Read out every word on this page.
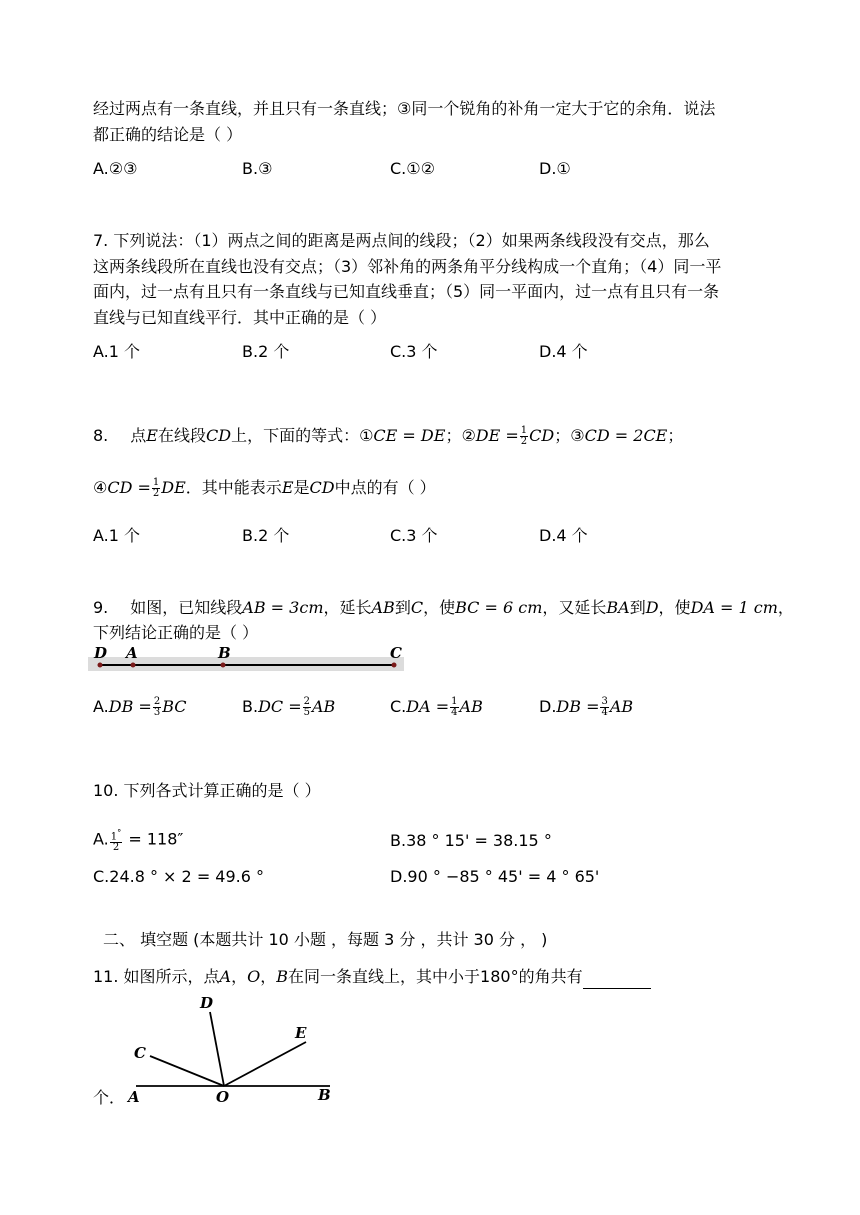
经过两点有一条直线，并且只有一条直线；③同一个锐角的补角一定大于它的余角．说法
都正确的结论是（ ）
A.②③	B.③	C.①②	D.①
7. 下列说法：（1）两点之间的距离是两点间的线段；（2）如果两条线段没有交点，那么
这两条线段所在直线也没有交点；（3）邻补角的两条角平分线构成一个直角；（4）同一平
面内，过一点有且只有一条直线与已知直线垂直；（5）同一平面内，过一点有且只有一条
直线与已知直线平行．其中正确的是（ ）
A.1 个	B.2 个	C.3 个	D.4 个
8. 点E在线段CD上，下面的等式：①CE = DE；②DE = $\frac{1}{2}$ CD；③CD = 2CE；
④CD = $\frac{1}{2}$ DE．其中能表示E是CD中点的有（ ）
A.1 个	B.2 个	C.3 个	D.4 个
9. 如图，已知线段AB = 3cm，延长AB到C，使BC = 6 cm，又延长BA到D，使DA = 1 cm，
下列结论正确的是（ ）
D A	B	C
$A.DB = \frac{2}{3}$ BC	$B.DC = \frac{2}{5}$ AB	$C.DA = \frac{1}{4}$ AB	$D.DB = \frac{3}{4}$ AB
10. 下列各式计算正确的是（ ）
A. $\frac{1^\circ}{2} = 118''$	B.38 ° 15' = 38.15 °
C.24.8 ° × 2 = 49.6 °	D.90 ° −85 ° 45' = 4 ° 65'
二、 填空题 (本题共计 10 小题 ，每题 3 分 ，共计 30 分 ， )
11. 如图所示，点A，O，B在同一条直线上，其中小于180°的角共有
D
E
C
A	O	B
个．
